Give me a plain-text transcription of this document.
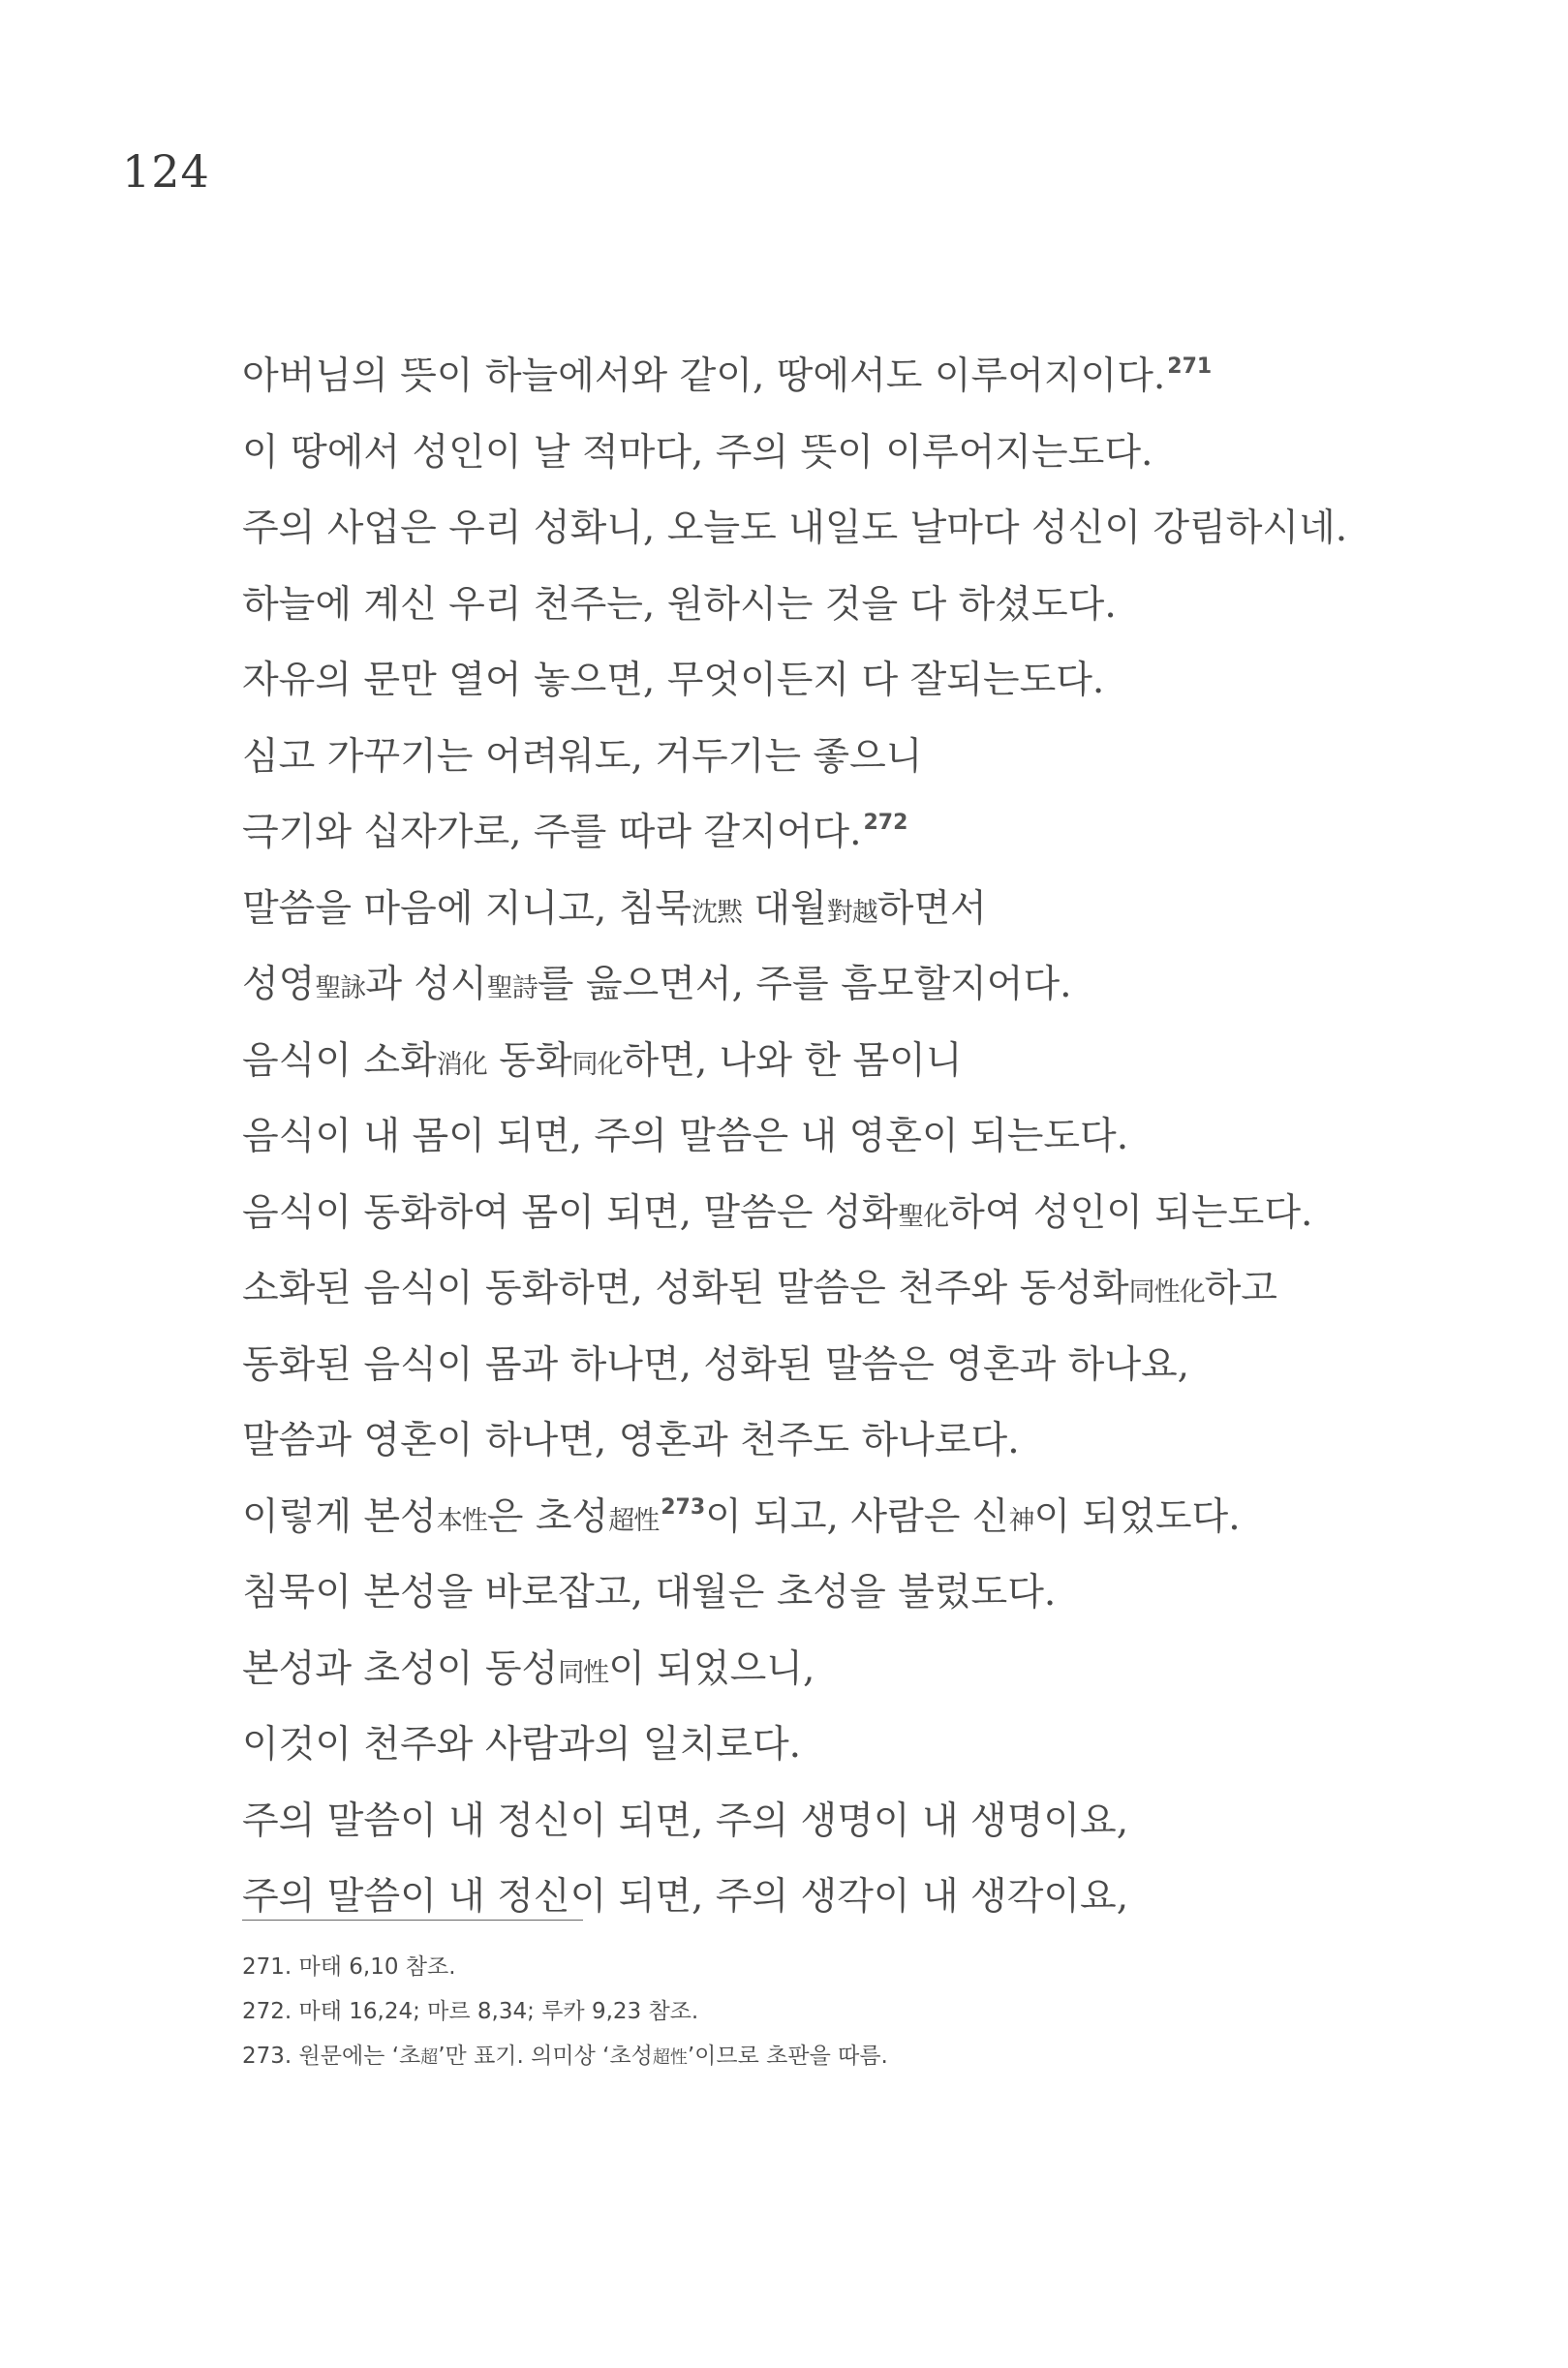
124
아버님의 뜻이 하늘에서와 같이, 땅에서도 이루어지이다.$^{271}$
이 땅에서 성인이 날 적마다, 주의 뜻이 이루어지는도다.
주의 사업은 우리 성화니, 오늘도 내일도 날마다 성신이 강림하시네.
하늘에 계신 우리 천주는, 원하시는 것을 다 하셨도다.
자유의 문만 열어 놓으면, 무엇이든지 다 잘되는도다.
심고 가꾸기는 어려워도, 거두기는 좋으니
극기와 십자가로, 주를 따라 갈지어다.$^{272}$
말씀을 마음에 지니고, 침묵沈黙 대월對越하면서
성영聖詠과 성시聖詩를 읊으면서, 주를 흠모할지어다.
음식이 소화消化 동화同化하면, 나와 한 몸이니
음식이 내 몸이 되면, 주의 말씀은 내 영혼이 되는도다.
음식이 동화하여 몸이 되면, 말씀은 성화聖化하여 성인이 되는도다.
소화된 음식이 동화하면, 성화된 말씀은 천주와 동성화同性化하고
동화된 음식이 몸과 하나면, 성화된 말씀은 영혼과 하나요,
말씀과 영혼이 하나면, 영혼과 천주도 하나로다.
이렇게 본성本性은 초성超性$^{273}$이 되고, 사람은 신神이 되었도다.
침묵이 본성을 바로잡고, 대월은 초성을 불렀도다.
본성과 초성이 동성同性이 되었으니,
이것이 천주와 사람과의 일치로다.
주의 말씀이 내 정신이 되면, 주의 생명이 내 생명이요,
주의 말씀이 내 정신이 되면, 주의 생각이 내 생각이요,
271. 마태 6,10 참조.
272. 마태 16,24; 마르 8,34; 루카 9,23 참조.
273. 원문에는 ‘초超’만 표기. 의미상 ‘초성超性’이므로 초판을 따름.
